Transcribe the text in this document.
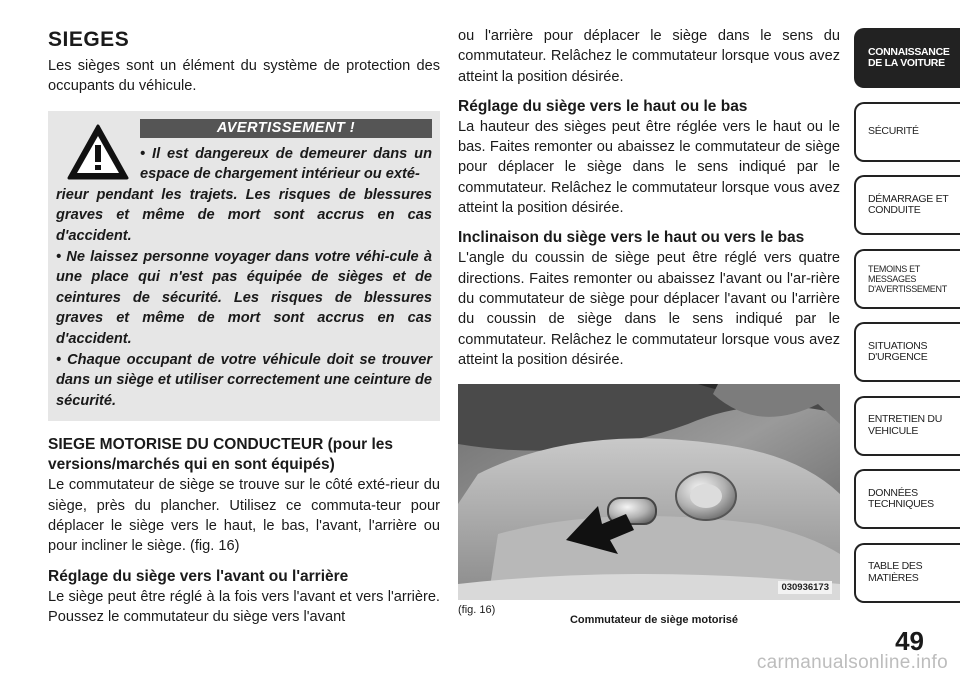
SIEGES

Les sièges sont un élément du système de protection des occupants du véhicule.

AVERTISSEMENT !
• Il est dangereux de demeurer dans un espace de chargement intérieur ou exté-
rieur pendant les trajets. Les risques de blessures graves et même de mort sont accrus en cas d'accident.
• Ne laissez personne voyager dans votre véhi-cule à une place qui n'est pas équipée de sièges et de ceintures de sécurité. Les risques de blessures graves et même de mort sont accrus en cas d'accident.
• Chaque occupant de votre véhicule doit se trouver dans un siège et utiliser correctement une ceinture de sécurité.
SIEGE MOTORISE DU CONDUCTEUR (pour les versions/marchés qui en sont équipés)

Le commutateur de siège se trouve sur le côté exté-rieur du siège, près du plancher. Utilisez ce commuta-teur pour déplacer le siège vers le haut, le bas, l'avant, l'arrière ou pour incliner le siège. (fig. 16)

Réglage du siège vers l'avant ou l'arrière

Le siège peut être réglé à la fois vers l'avant et vers l'arrière. Poussez le commutateur du siège vers l'avant

ou l'arrière pour déplacer le siège dans le sens du commutateur. Relâchez le commutateur lorsque vous avez atteint la position désirée.

Réglage du siège vers le haut ou le bas

La hauteur des sièges peut être réglée vers le haut ou le bas. Faites remonter ou abaissez le commutateur de siège pour déplacer le siège dans le sens indiqué par le commutateur. Relâchez le commutateur lorsque vous avez atteint la position désirée.

Inclinaison du siège vers le haut ou vers le bas

L'angle du coussin de siège peut être réglé vers quatre directions. Faites remonter ou abaissez l'avant ou l'ar-rière du commutateur de siège pour déplacer l'avant ou l'arrière du coussin de siège dans le sens indiqué par le commutateur. Relâchez le commutateur lorsque vous avez atteint la position désirée.

030936173
(fig. 16)
Commutateur de siège motorisé
CONNAISSANCE DE LA VOITURE
SÉCURITÉ
DÉMARRAGE ET CONDUITE
TEMOINS ET MESSAGES D'AVERTISSEMENT
SITUATIONS D'URGENCE
ENTRETIEN DU VEHICULE
DONNÉES TECHNIQUES
TABLE DES MATIÈRES
49
carmanualsonline.info
